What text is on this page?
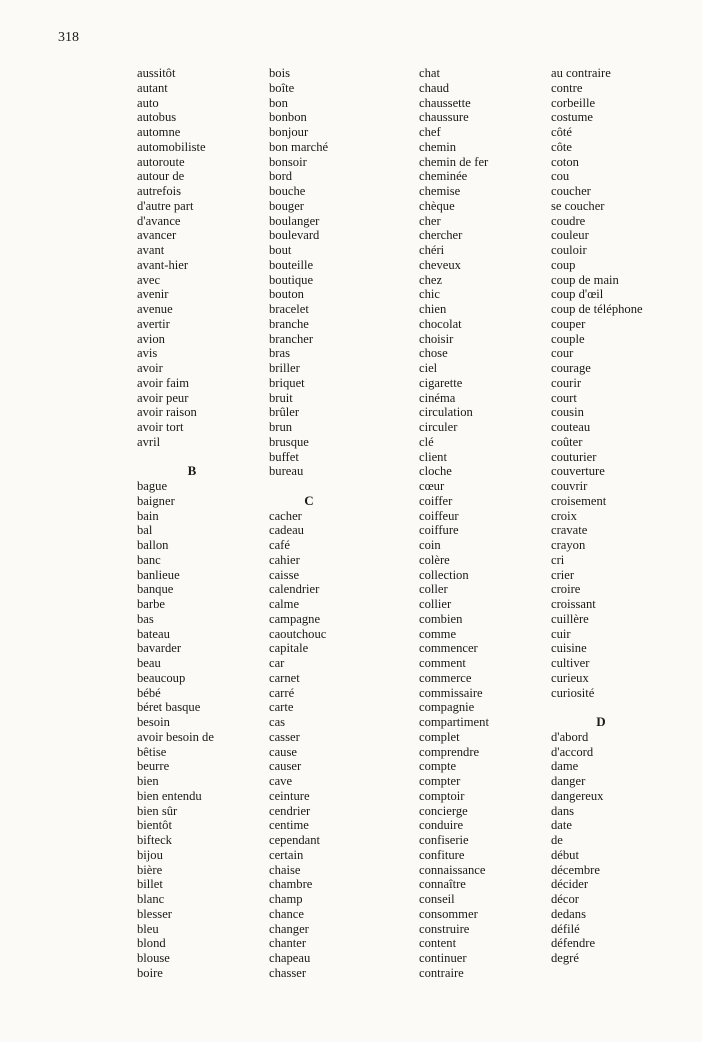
318
aussitôt
autant
auto
autobus
automne
automobiliste
autoroute
autour de
autrefois
d'autre part
d'avance
avancer
avant
avant-hier
avec
avenir
avenue
avertir
avion
avis
avoir
avoir faim
avoir peur
avoir raison
avoir tort
avril
B
bague
baigner
bain
bal
ballon
banc
banlieue
banque
barbe
bas
bateau
bavarder
beau
beaucoup
bébé
béret basque
besoin
avoir besoin de
bêtise
beurre
bien
bien entendu
bien sûr
bientôt
bifteck
bijou
bière
billet
blanc
blesser
bleu
blond
blouse
boire
bois
boîte
bon
bonbon
bonjour
bon marché
bonsoir
bord
bouche
bouger
boulanger
boulevard
bout
bouteille
boutique
bouton
bracelet
branche
brancher
bras
briller
briquet
bruit
brûler
brun
brusque
buffet
bureau
C
cacher
cadeau
café
cahier
caisse
calendrier
calme
campagne
caoutchouc
capitale
car
carnet
carré
carte
cas
casser
cause
causer
cave
ceinture
cendrier
centime
cependant
certain
chaise
chambre
champ
chance
changer
chanter
chapeau
chasser
chat
chaud
chaussette
chaussure
chef
chemin
chemin de fer
cheminée
chemise
chèque
cher
chercher
chéri
cheveux
chez
chic
chien
chocolat
choisir
chose
ciel
cigarette
cinéma
circulation
circuler
clé
client
cloche
cœur
coiffer
coiffeur
coiffure
coin
colère
collection
coller
collier
combien
comme
commencer
comment
commerce
commissaire
compagnie
compartiment
complet
comprendre
compte
compter
comptoir
concierge
conduire
confiserie
confiture
connaissance
connaître
conseil
consommer
construire
content
continuer
contraire
au contraire
contre
corbeille
costume
côté
côte
coton
cou
coucher
se coucher
coudre
couleur
couloir
coup
coup de main
coup d'œil
coup de téléphone
couper
couple
cour
courage
courir
court
cousin
couteau
coûter
couturier
couverture
couvrir
croisement
croix
cravate
crayon
cri
crier
croire
croissant
cuillère
cuir
cuisine
cultiver
curieux
curiosité
D
d'abord
d'accord
dame
danger
dangereux
dans
date
de
début
décembre
décider
décor
dedans
défilé
défendre
degré
